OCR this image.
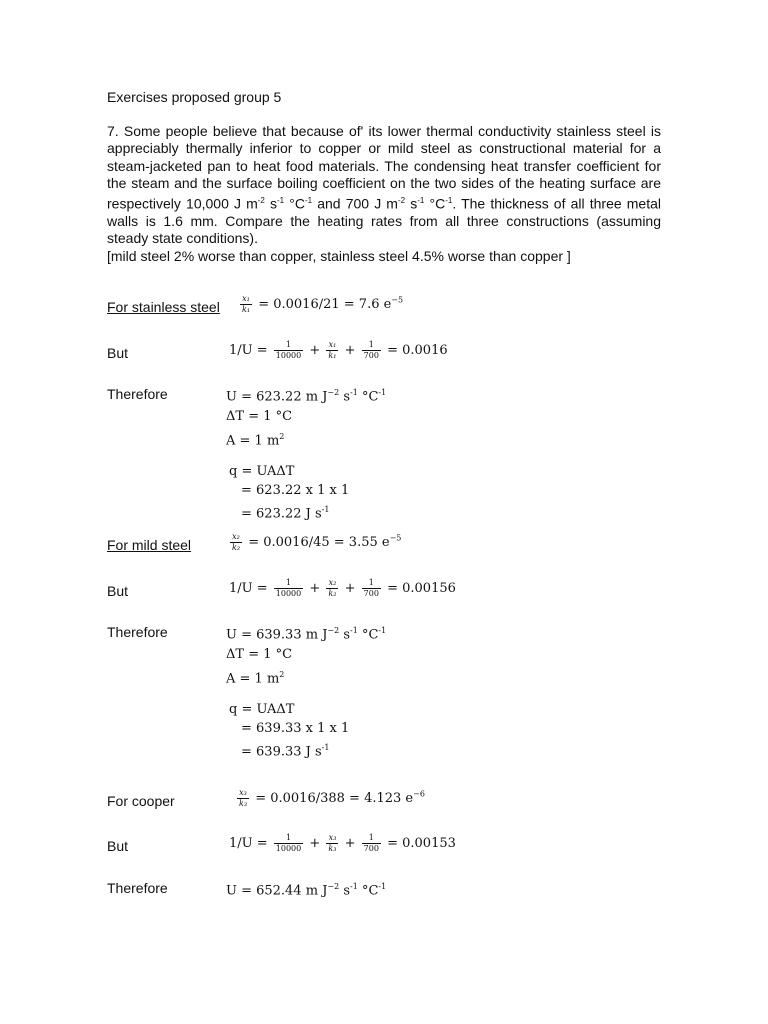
Exercises proposed group 5

7. Some people believe that because of' its lower thermal conductivity stainless steel is appreciably thermally inferior to copper or mild steel as constructional material for a steam-jacketed pan to heat food materials. The condensing heat transfer coefficient for the steam and the surface boiling coefficient on the two sides of the heating surface are respectively 10,000 J $m^{-2}$ $s^{-1}$ $^\circ C^{-1}$ and 700 J $m^{-2}$ $s^{-1}$ $^\circ C^{-1}$. The thickness of all three metal walls is 1.6 mm. Compare the heating rates from all three constructions (assuming steady state conditions).

[mild steel 2% worse than copper, stainless steel 4.5% worse than copper ]

For stainless steel	$\frac{\text{x₁}}{\text{k₁}} = 0.0016/21 = 7.6$ $e^{-5}$
But	$1/U = \frac{1}{10000} + \frac{\text{x₁}}{\text{k₁}} + \frac{1}{700} = 0.0016$
Therefore	U = 623.22 m $J^{-2}$ $s^{-1}$ $^\circ C^{-1}$
ΔT = 1 °C
A = 1 $m^2$
q = UAΔT
= 623.22 x 1 x 1
= 623.22 J $s^{-1}$
For mild steel	$\frac{\text{x₂}}{\text{k₂}} = 0.0016/45 = 3.55$ $e^{-5}$
But	$1/U = \frac{1}{10000} + \frac{\text{x₂}}{\text{k₂}} + \frac{1}{700} = 0.00156$
Therefore	U = 639.33 m $J^{-2}$ $s^{-1}$ $^\circ C^{-1}$
ΔT = 1 °C
A = 1 $m^2$
q = UAΔT
= 639.33 x 1 x 1
= 639.33 J $s^{-1}$
For cooper	$\frac{\text{x₃}}{\text{k₃}} = 0.0016/388 = 4.123$ $e^{-6}$
But	$1/U = \frac{1}{10000} + \frac{\text{x₃}}{\text{k₃}} + \frac{1}{700} = 0.00153$
Therefore	U = 652.44 m $J^{-2}$ $s^{-1}$ $^\circ C^{-1}$
